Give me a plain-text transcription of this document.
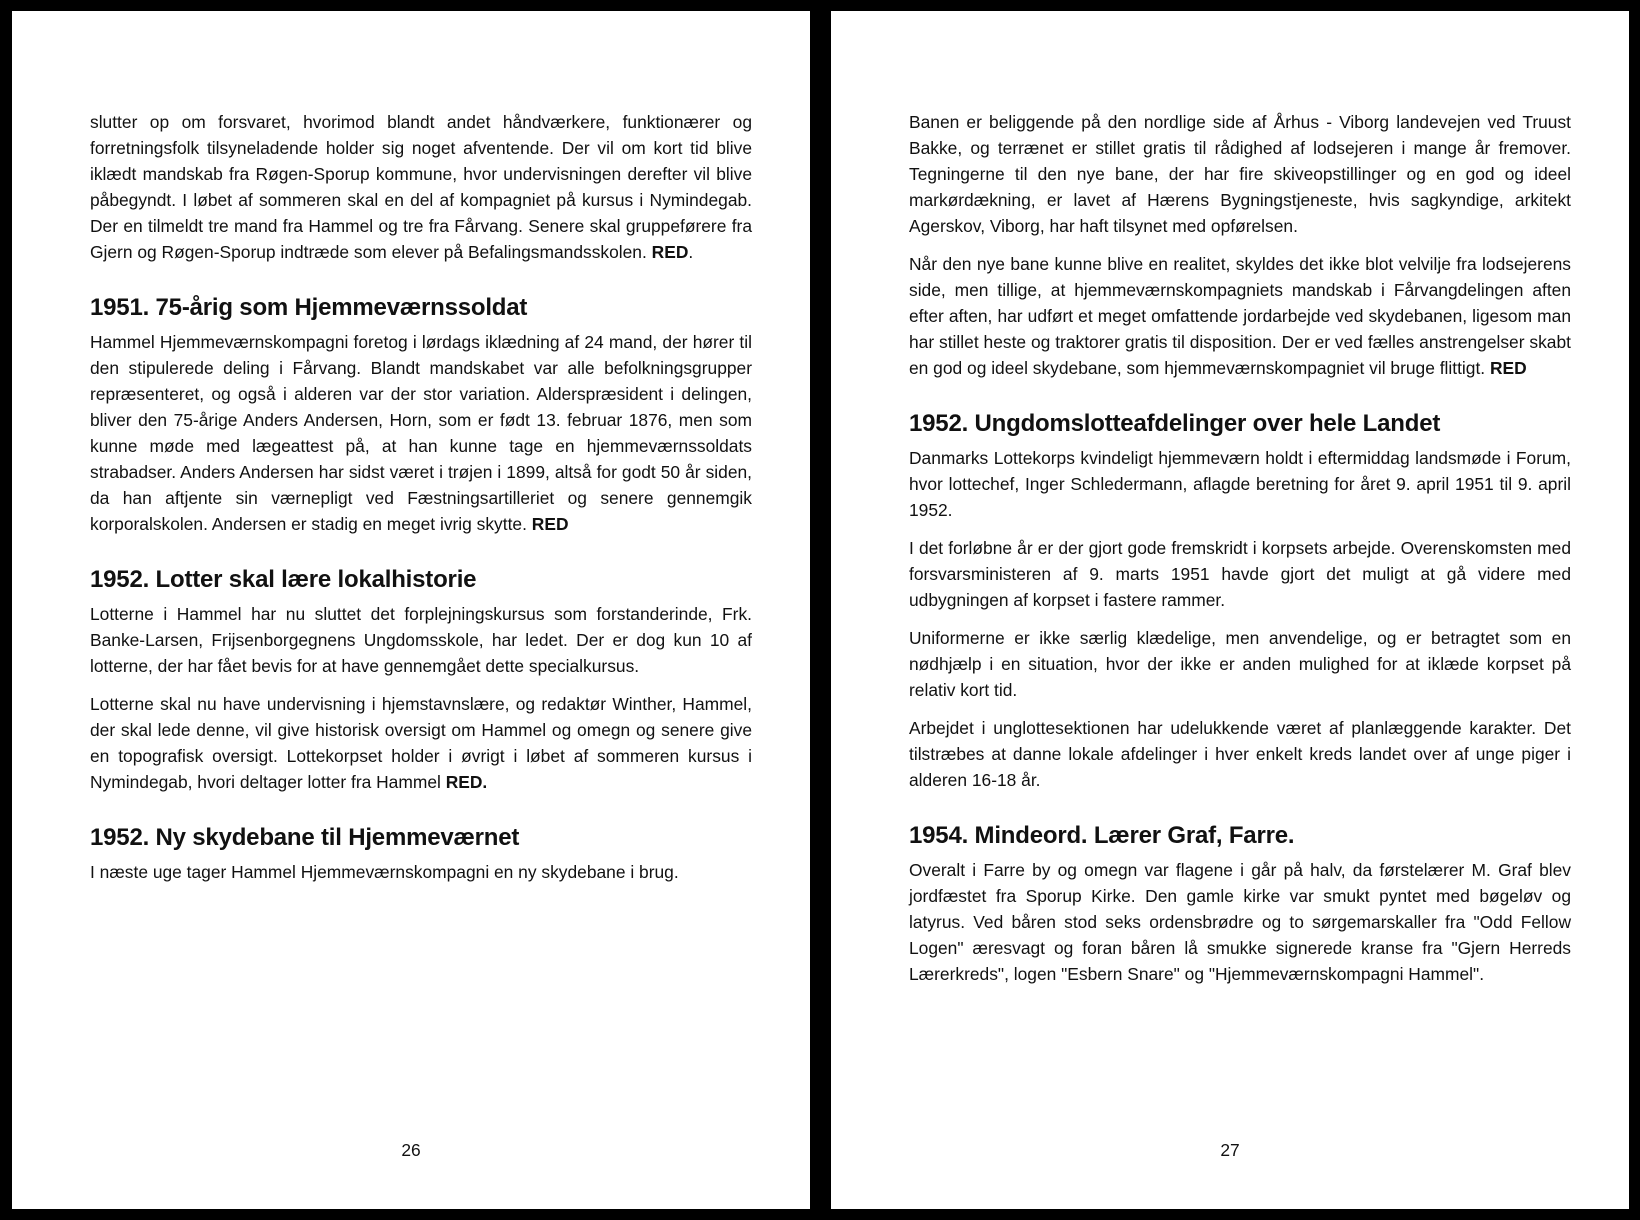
slutter op om forsvaret, hvorimod blandt andet håndværkere, funktionærer og forretningsfolk tilsyneladende holder sig noget afventende. Der vil om kort tid blive iklædt mandskab fra Røgen-Sporup kommune, hvor undervisningen derefter vil blive påbegyndt. I løbet af sommeren skal en del af kompagniet på kursus i Nymindegab. Der en tilmeldt tre mand fra Hammel og tre fra Fårvang. Senere skal gruppeførere fra Gjern og Røgen-Sporup indtræde som elever på Befalingsmandsskolen. RED.

1951. 75-årig som Hjemmeværnssoldat

Hammel Hjemmeværnskompagni foretog i lørdags iklædning af 24 mand, der hører til den stipulerede deling i Fårvang. Blandt mandskabet var alle befolkningsgrupper repræsenteret, og også i alderen var der stor variation. Alderspræsident i delingen, bliver den 75-årige Anders Andersen, Horn, som er født 13. februar 1876, men som kunne møde med lægeattest på, at han kunne tage en hjemmeværnssoldats strabadser. Anders Andersen har sidst været i trøjen i 1899, altså for godt 50 år siden, da han aftjente sin værnepligt ved Fæstningsartilleriet og senere gennemgik korporalskolen. Andersen er stadig en meget ivrig skytte. RED

1952. Lotter skal lære lokalhistorie

Lotterne i Hammel har nu sluttet det forplejningskursus som forstanderinde, Frk. Banke-Larsen, Frijsenborgegnens Ungdomsskole, har ledet. Der er dog kun 10 af lotterne, der har fået bevis for at have gennemgået dette specialkursus.

Lotterne skal nu have undervisning i hjemstavnslære, og redaktør Winther, Hammel, der skal lede denne, vil give historisk oversigt om Hammel og omegn og senere give en topografisk oversigt. Lottekorpset holder i øvrigt i løbet af sommeren kursus i Nymindegab, hvori deltager lotter fra Hammel RED.

1952. Ny skydebane til Hjemmeværnet

I næste uge tager Hammel Hjemmeværnskompagni en ny skydebane i brug.

26

Banen er beliggende på den nordlige side af Århus - Viborg landevejen ved Truust Bakke, og terrænet er stillet gratis til rådighed af lodsejeren i mange år fremover. Tegningerne til den nye bane, der har fire skiveopstillinger og en god og ideel markørdækning, er lavet af Hærens Bygningstjeneste, hvis sagkyndige, arkitekt Agerskov, Viborg, har haft tilsynet med opførelsen.

Når den nye bane kunne blive en realitet, skyldes det ikke blot velvilje fra lodsejerens side, men tillige, at hjemmeværnskompagniets mandskab i Fårvangdelingen aften efter aften, har udført et meget omfattende jordarbejde ved skydebanen, ligesom man har stillet heste og traktorer gratis til disposition. Der er ved fælles anstrengelser skabt en god og ideel skydebane, som hjemmeværnskompagniet vil bruge flittigt. RED

1952. Ungdomslotteafdelinger over hele Landet

Danmarks Lottekorps kvindeligt hjemmeværn holdt i eftermiddag landsmøde i Forum, hvor lottechef, Inger Schledermann, aflagde beretning for året 9. april 1951 til 9. april 1952.

I det forløbne år er der gjort gode fremskridt i korpsets arbejde. Overenskomsten med forsvarsministeren af 9. marts 1951 havde gjort det muligt at gå videre med udbygningen af korpset i fastere rammer.

Uniformerne er ikke særlig klædelige, men anvendelige, og er betragtet som en nødhjælp i en situation, hvor der ikke er anden mulighed for at iklæde korpset på relativ kort tid.

Arbejdet i unglottesektionen har udelukkende været af planlæggende karakter. Det tilstræbes at danne lokale afdelinger i hver enkelt kreds landet over af unge piger i alderen 16-18 år.

1954. Mindeord. Lærer Graf, Farre.

Overalt i Farre by og omegn var flagene i går på halv, da førstelærer M. Graf blev jordfæstet fra Sporup Kirke. Den gamle kirke var smukt pyntet med bøgeløv og latyrus. Ved båren stod seks ordensbrødre og to sørgemarskaller fra "Odd Fellow Logen" æresvagt og foran båren lå smukke signerede kranse fra "Gjern Herreds Lærerkreds", logen "Esbern Snare" og "Hjemmeværnskompagni Hammel".

27
